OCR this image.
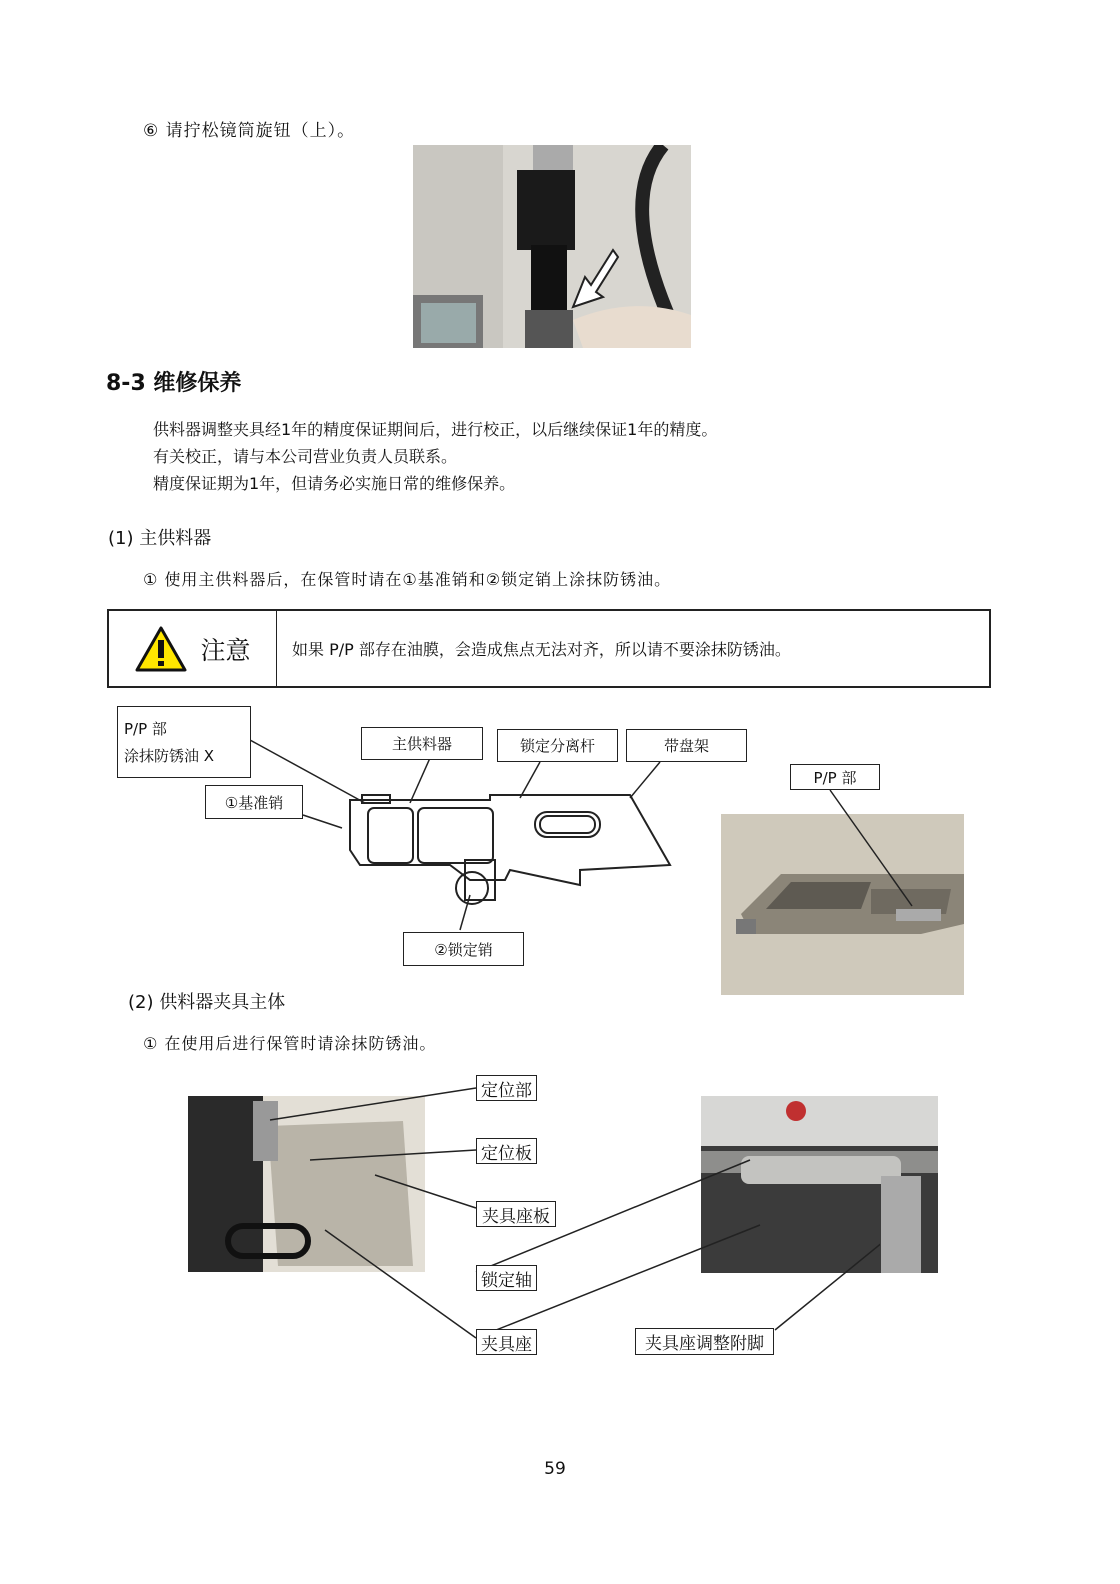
⑥ 请拧松镜筒旋钮（上）。
8-3 维修保养
供料器调整夹具经1年的精度保证期间后，进行校正，以后继续保证1年的精度。
有关校正，请与本公司营业负责人员联系。
精度保证期为1年，但请务必实施日常的维修保养。
(1) 主供料器
① 使用主供料器后，在保管时请在①基准销和②锁定销上涂抹防锈油。
注意	如果 P/P 部存在油膜，会造成焦点无法对齐，所以请不要涂抹防锈油。
P/P 部
涂抹防锈油 X
主供料器	锁定分离杆	带盘架
①基准销
②锁定销
P/P 部
(2) 供料器夹具主体
① 在使用后进行保管时请涂抹防锈油。
定位部
定位板
夹具座板
锁定轴
夹具座	夹具座调整附脚
59
